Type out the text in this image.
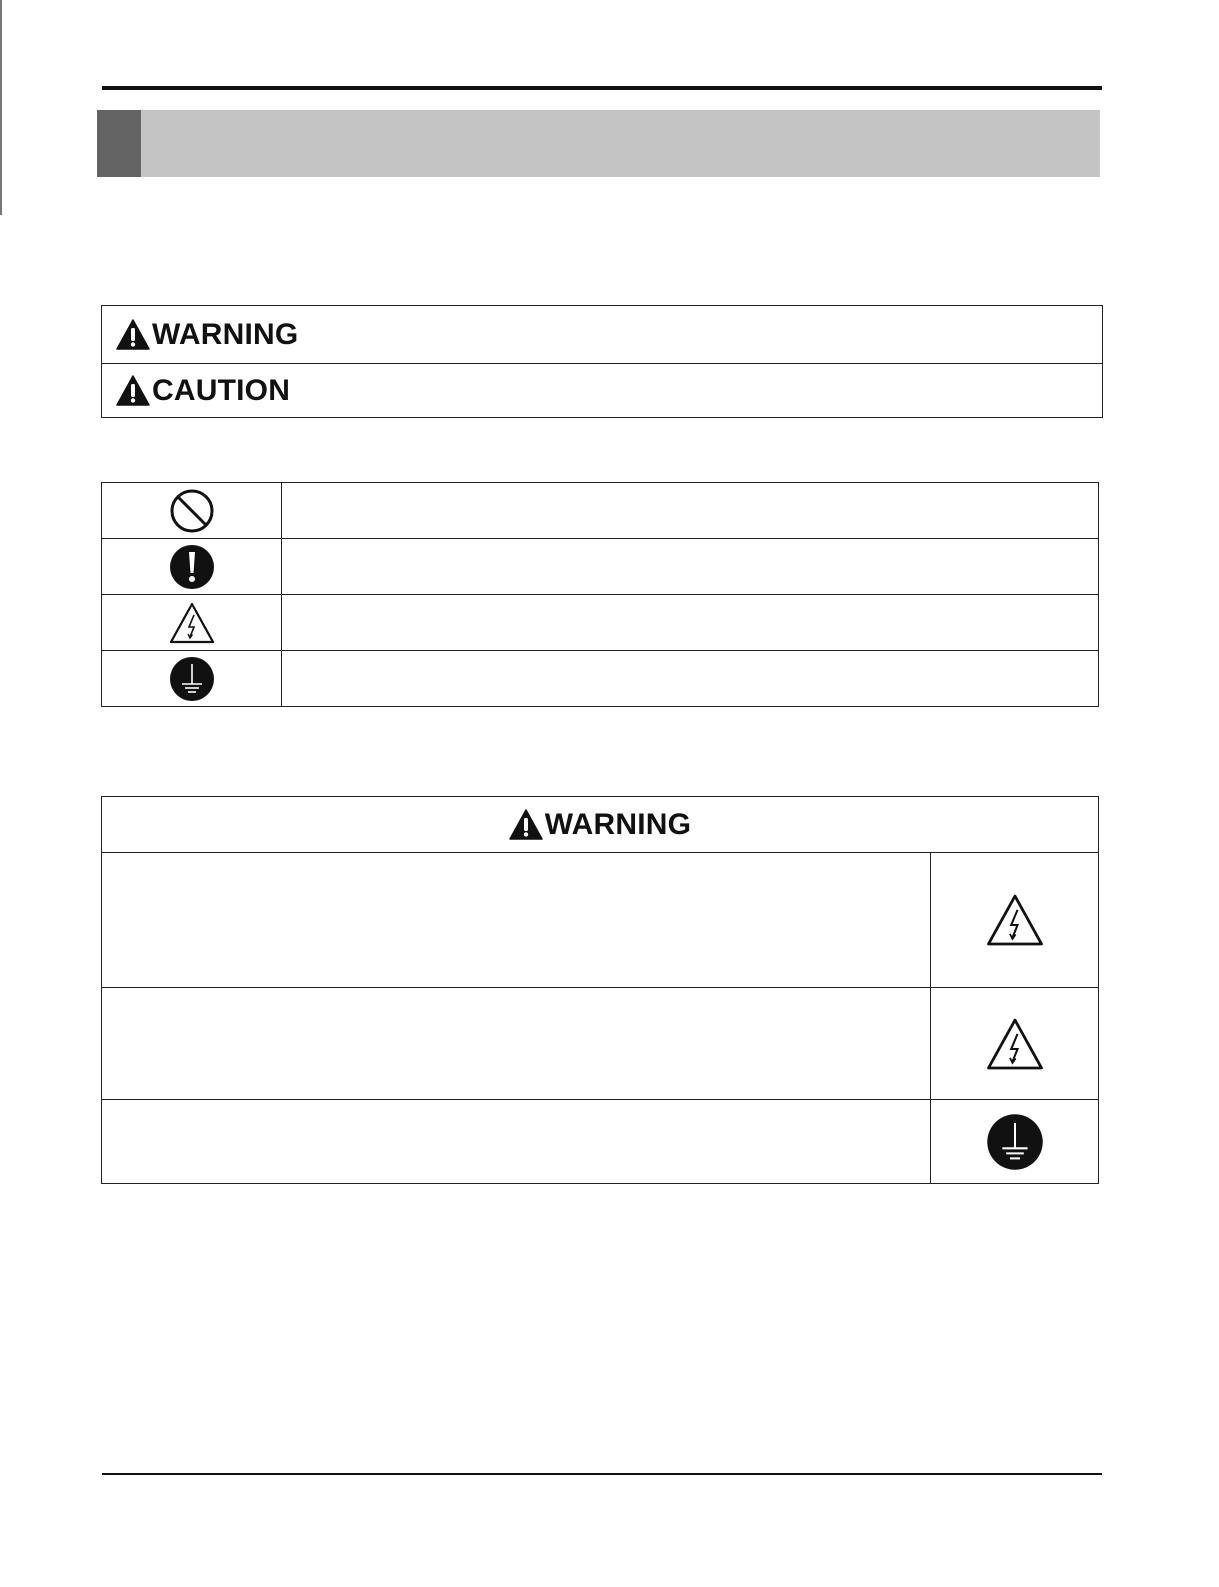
WARNING
CAUTION

WARNING	
